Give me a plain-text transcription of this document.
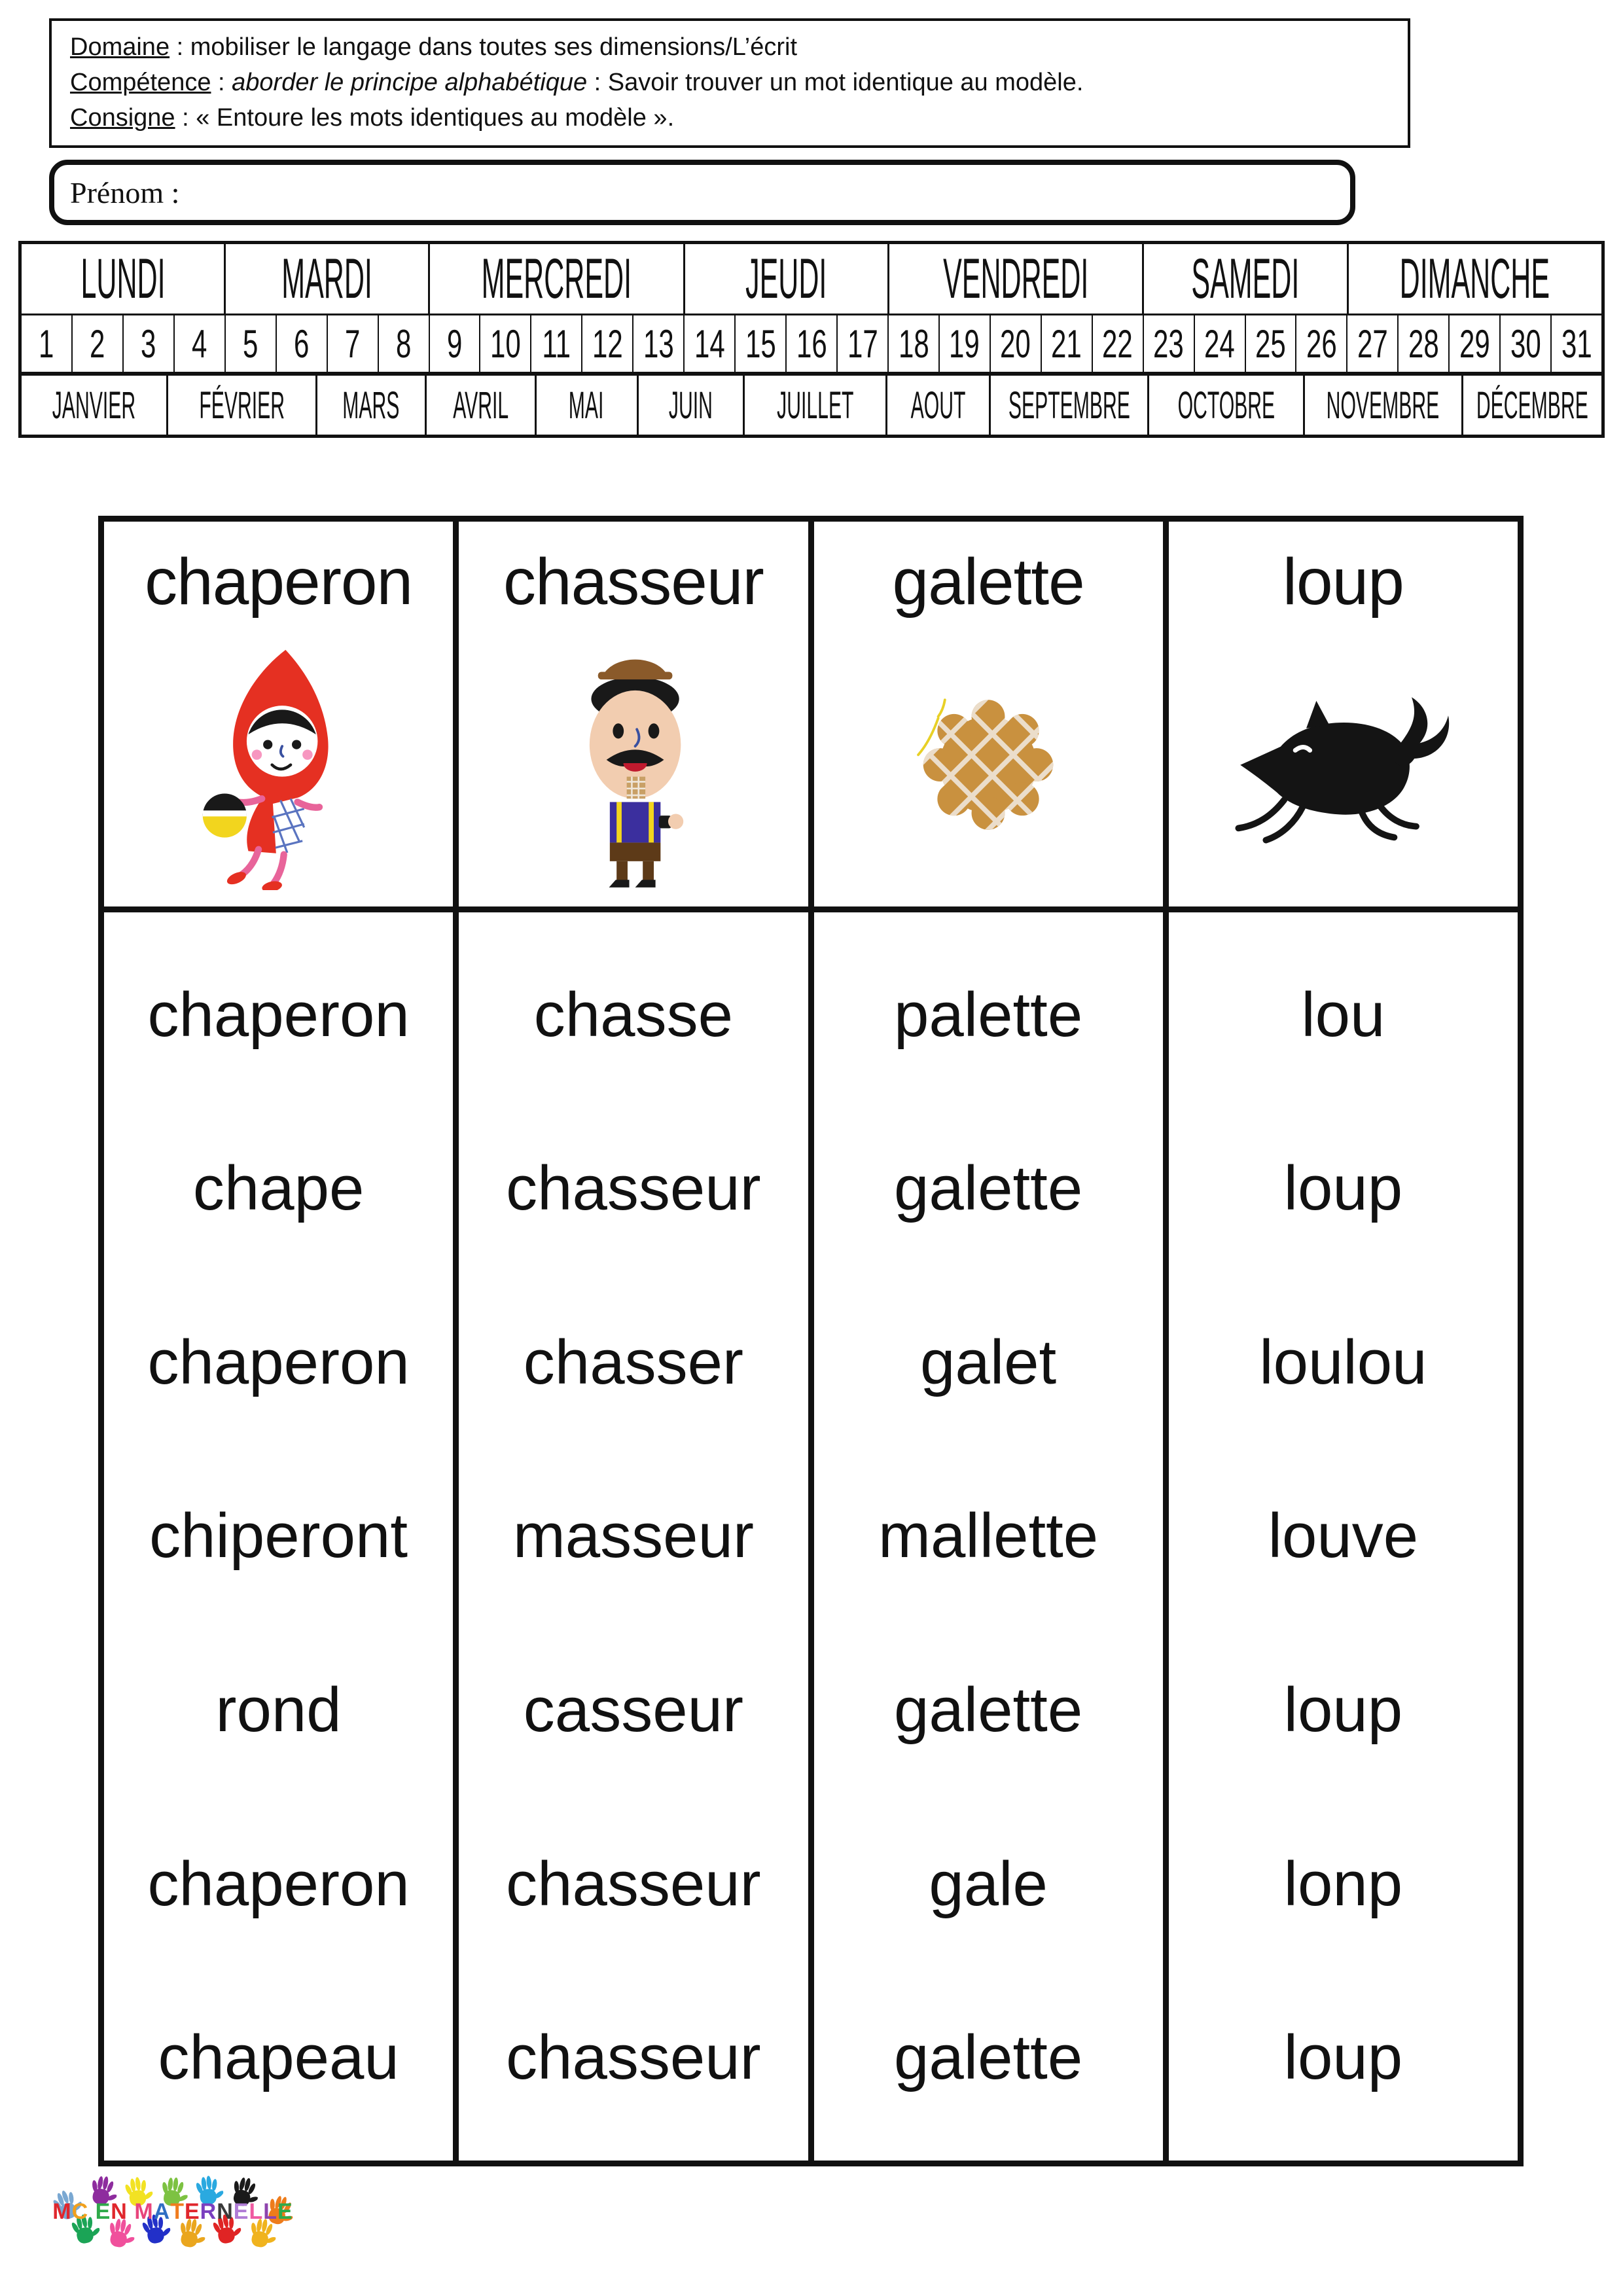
Domaine : mobiliser le langage dans toutes ses dimensions/L’écrit
Compétence : aborder le principe alphabétique : Savoir trouver un mot identique au modèle.
Consigne : « Entoure les mots identiques au modèle ».
Prénom :
LUNDI MARDI MERCREDI JEUDI VENDREDI SAMEDI DIMANCHE
1 2 3 4 5 6 7 8 9 10 11 12 13 14 15 16 17 18 19 20 21 22 23 24 25 26 27 28 29 30 31
JANVIER FÉVRIER MARS AVRIL MAI JUIN JUILLET AOUT SEPTEMBRE OCTOBRE NOVEMBRE DÉCEMBRE
chaperon
chaperon
chape
chaperon
chiperont
rond
chaperon
chapeau
chasseur
chasse
chasseur
chasser
masseur
casseur
chasseur
chasseur
galette
palette
galette
galet
mallette
galette
gale
galette
loup
lou
loup
loulou
louve
loup
lonp
loup
M C
E N
M A T E R N E L L E
